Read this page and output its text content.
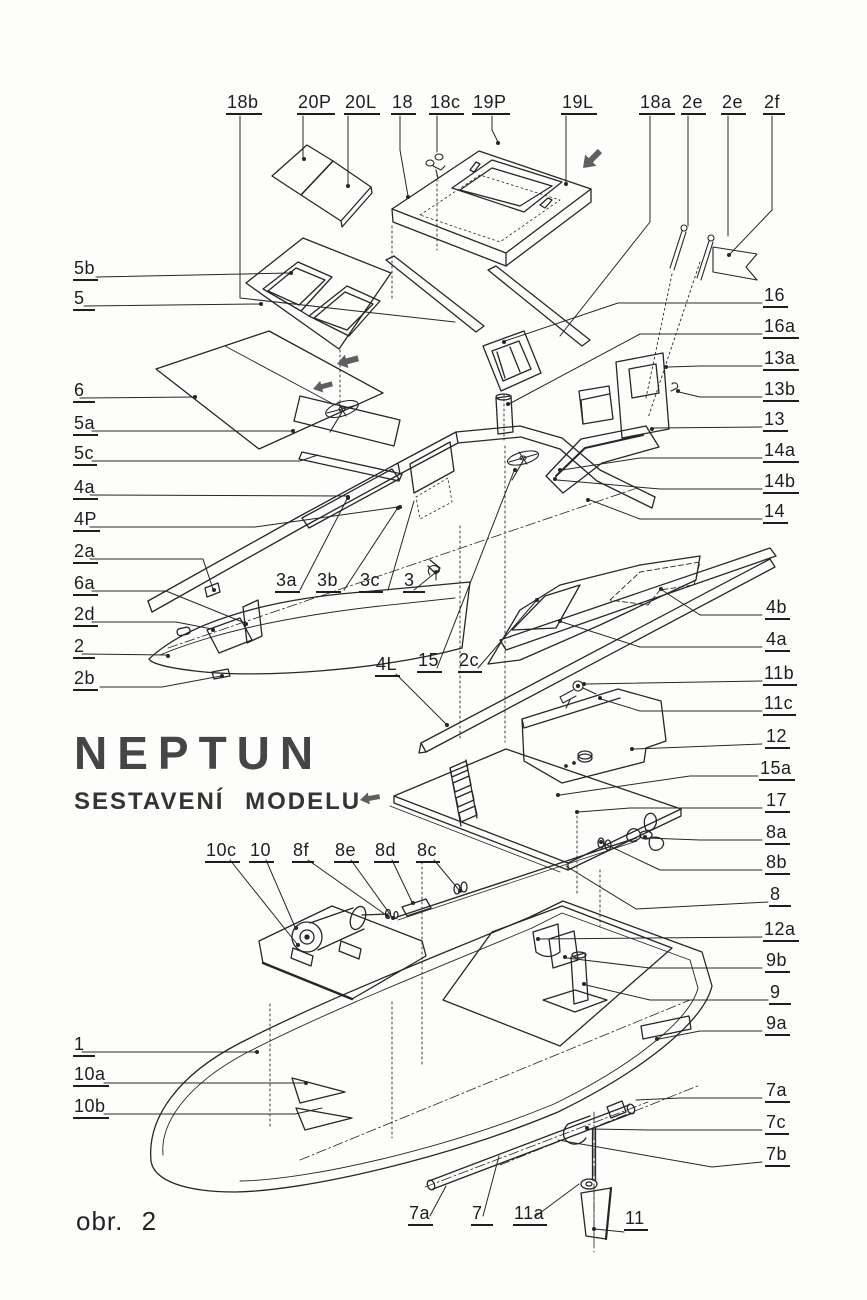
18b 20P 20L 18 18c 19P	19L	18a 2e 2e 2f
5b
5
6
5a
5c
4a
4P
2a
6a
2d
2
2b
1
10a
10b
16
16a
13a
13b
13
14a
14b
14
4b
4a
11b
11c
12
15a
17
8a
8b
8
12a
9b
9
9a
7a
7c
7b
3a 3b 3c 3
4L 15 2c
10c 10 8f 8e 8d 8c
7a 7	11a	11
NEPTUN
SESTAVENÍ MODELU
obr. 2
